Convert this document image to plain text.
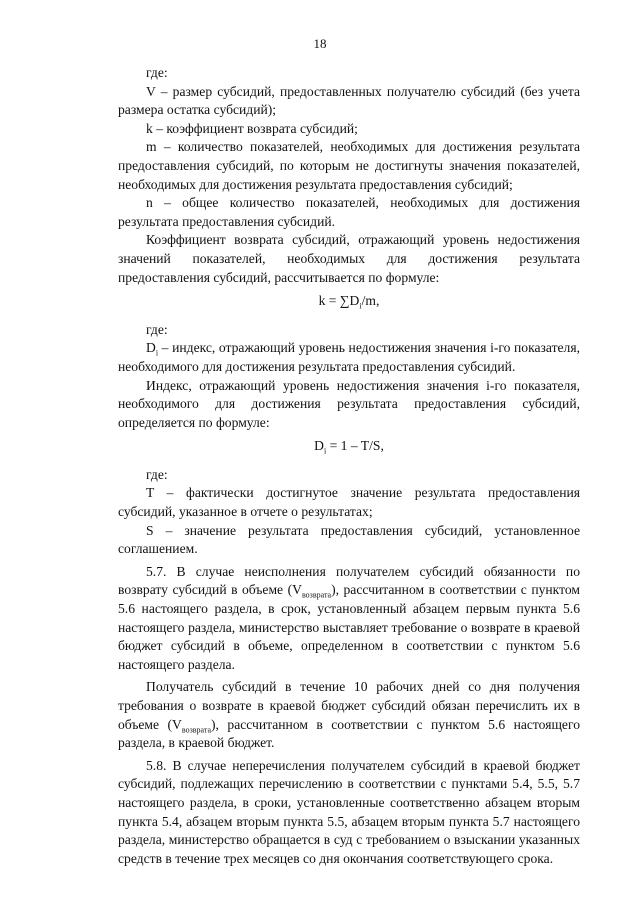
18

где:

V – размер субсидий, предоставленных получателю субсидий (без учета размера остатка субсидий);

k – коэффициент возврата субсидий;

m – количество показателей, необходимых для достижения результата предоставления субсидий, по которым не достигнуты значения показателей, необходимых для достижения результата предоставления субсидий;

n – общее количество показателей, необходимых для достижения результата предоставления субсидий.

Коэффициент возврата субсидий, отражающий уровень недостижения значений показателей, необходимых для достижения результата предоставления субсидий, рассчитывается по формуле:

$k = \sum D_i/m$,

где:

$D_i$ – индекс, отражающий уровень недостижения значения i-го показателя, необходимого для достижения результата предоставления субсидий.

Индекс, отражающий уровень недостижения значения i-го показателя, необходимого для достижения результата предоставления субсидий, определяется по формуле:

$D_i = 1 - T/S$,

где:

T – фактически достигнутое значение результата предоставления субсидий, указанное в отчете о результатах;

S – значение результата предоставления субсидий, установленное соглашением.

5.7. В случае неисполнения получателем субсидий обязанности по возврату субсидий в объеме $(V_{возврата})$, рассчитанном в соответствии с пунктом 5.6 настоящего раздела, в срок, установленный абзацем первым пункта 5.6 настоящего раздела, министерство выставляет требование о возврате в краевой бюджет субсидий в объеме, определенном в соответствии с пунктом 5.6 настоящего раздела.

Получатель субсидий в течение 10 рабочих дней со дня получения требования о возврате в краевой бюджет субсидий обязан перечислить их в объеме $(V_{возврата})$, рассчитанном в соответствии с пунктом 5.6 настоящего раздела, в краевой бюджет.

5.8. В случае неперечисления получателем субсидий в краевой бюджет субсидий, подлежащих перечислению в соответствии с пунктами 5.4, 5.5, 5.7 настоящего раздела, в сроки, установленные соответственно абзацем вторым пункта 5.4, абзацем вторым пункта 5.5, абзацем вторым пункта 5.7 настоящего раздела, министерство обращается в суд с требованием о взыскании указанных средств в течение трех месяцев со дня окончания соответствующего срока.
